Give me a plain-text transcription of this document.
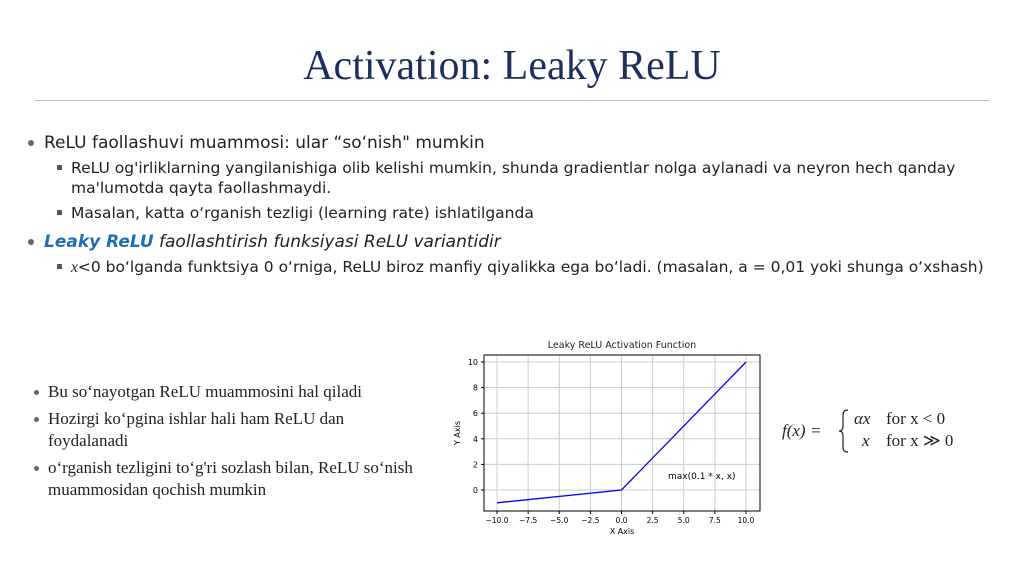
Activation: Leaky ReLU
ReLU faollashuvi muammosi: ular “so‘nish" mumkin
ReLU og'irliklarning yangilanishiga olib kelishi mumkin, shunda gradientlar nolga aylanadi va neyron hech qanday ma'lumotda qayta faollashmaydi.
Masalan, katta o‘rganish tezligi (learning rate) ishlatilganda
Leaky ReLU faollashtirish funksiyasi ReLU variantidir
x<0 bo‘lganda funktsiya 0 o‘rniga, ReLU biroz manfiy qiyalikka ega bo‘ladi. (masalan, a = 0,01 yoki shunga o‘xshash)
Bu so‘nayotgan ReLU muammosini hal qiladi
Hozirgi ko‘pgina ishlar hali ham ReLU dan foydalanadi
o‘rganish tezligini to‘g'ri sozlash bilan, ReLU so‘nish muammosidan qochish mumkin
Leaky ReLU Activation Function
−10.0 −7.5 −5.0 −2.5 0.0	2.5	5.0	7.5 10.0
0
2
4
6
8
10
max(0.1 * x, x)
X Axis
Y Axis	f(x) =
αx for x < 0
x for x ≫ 0
